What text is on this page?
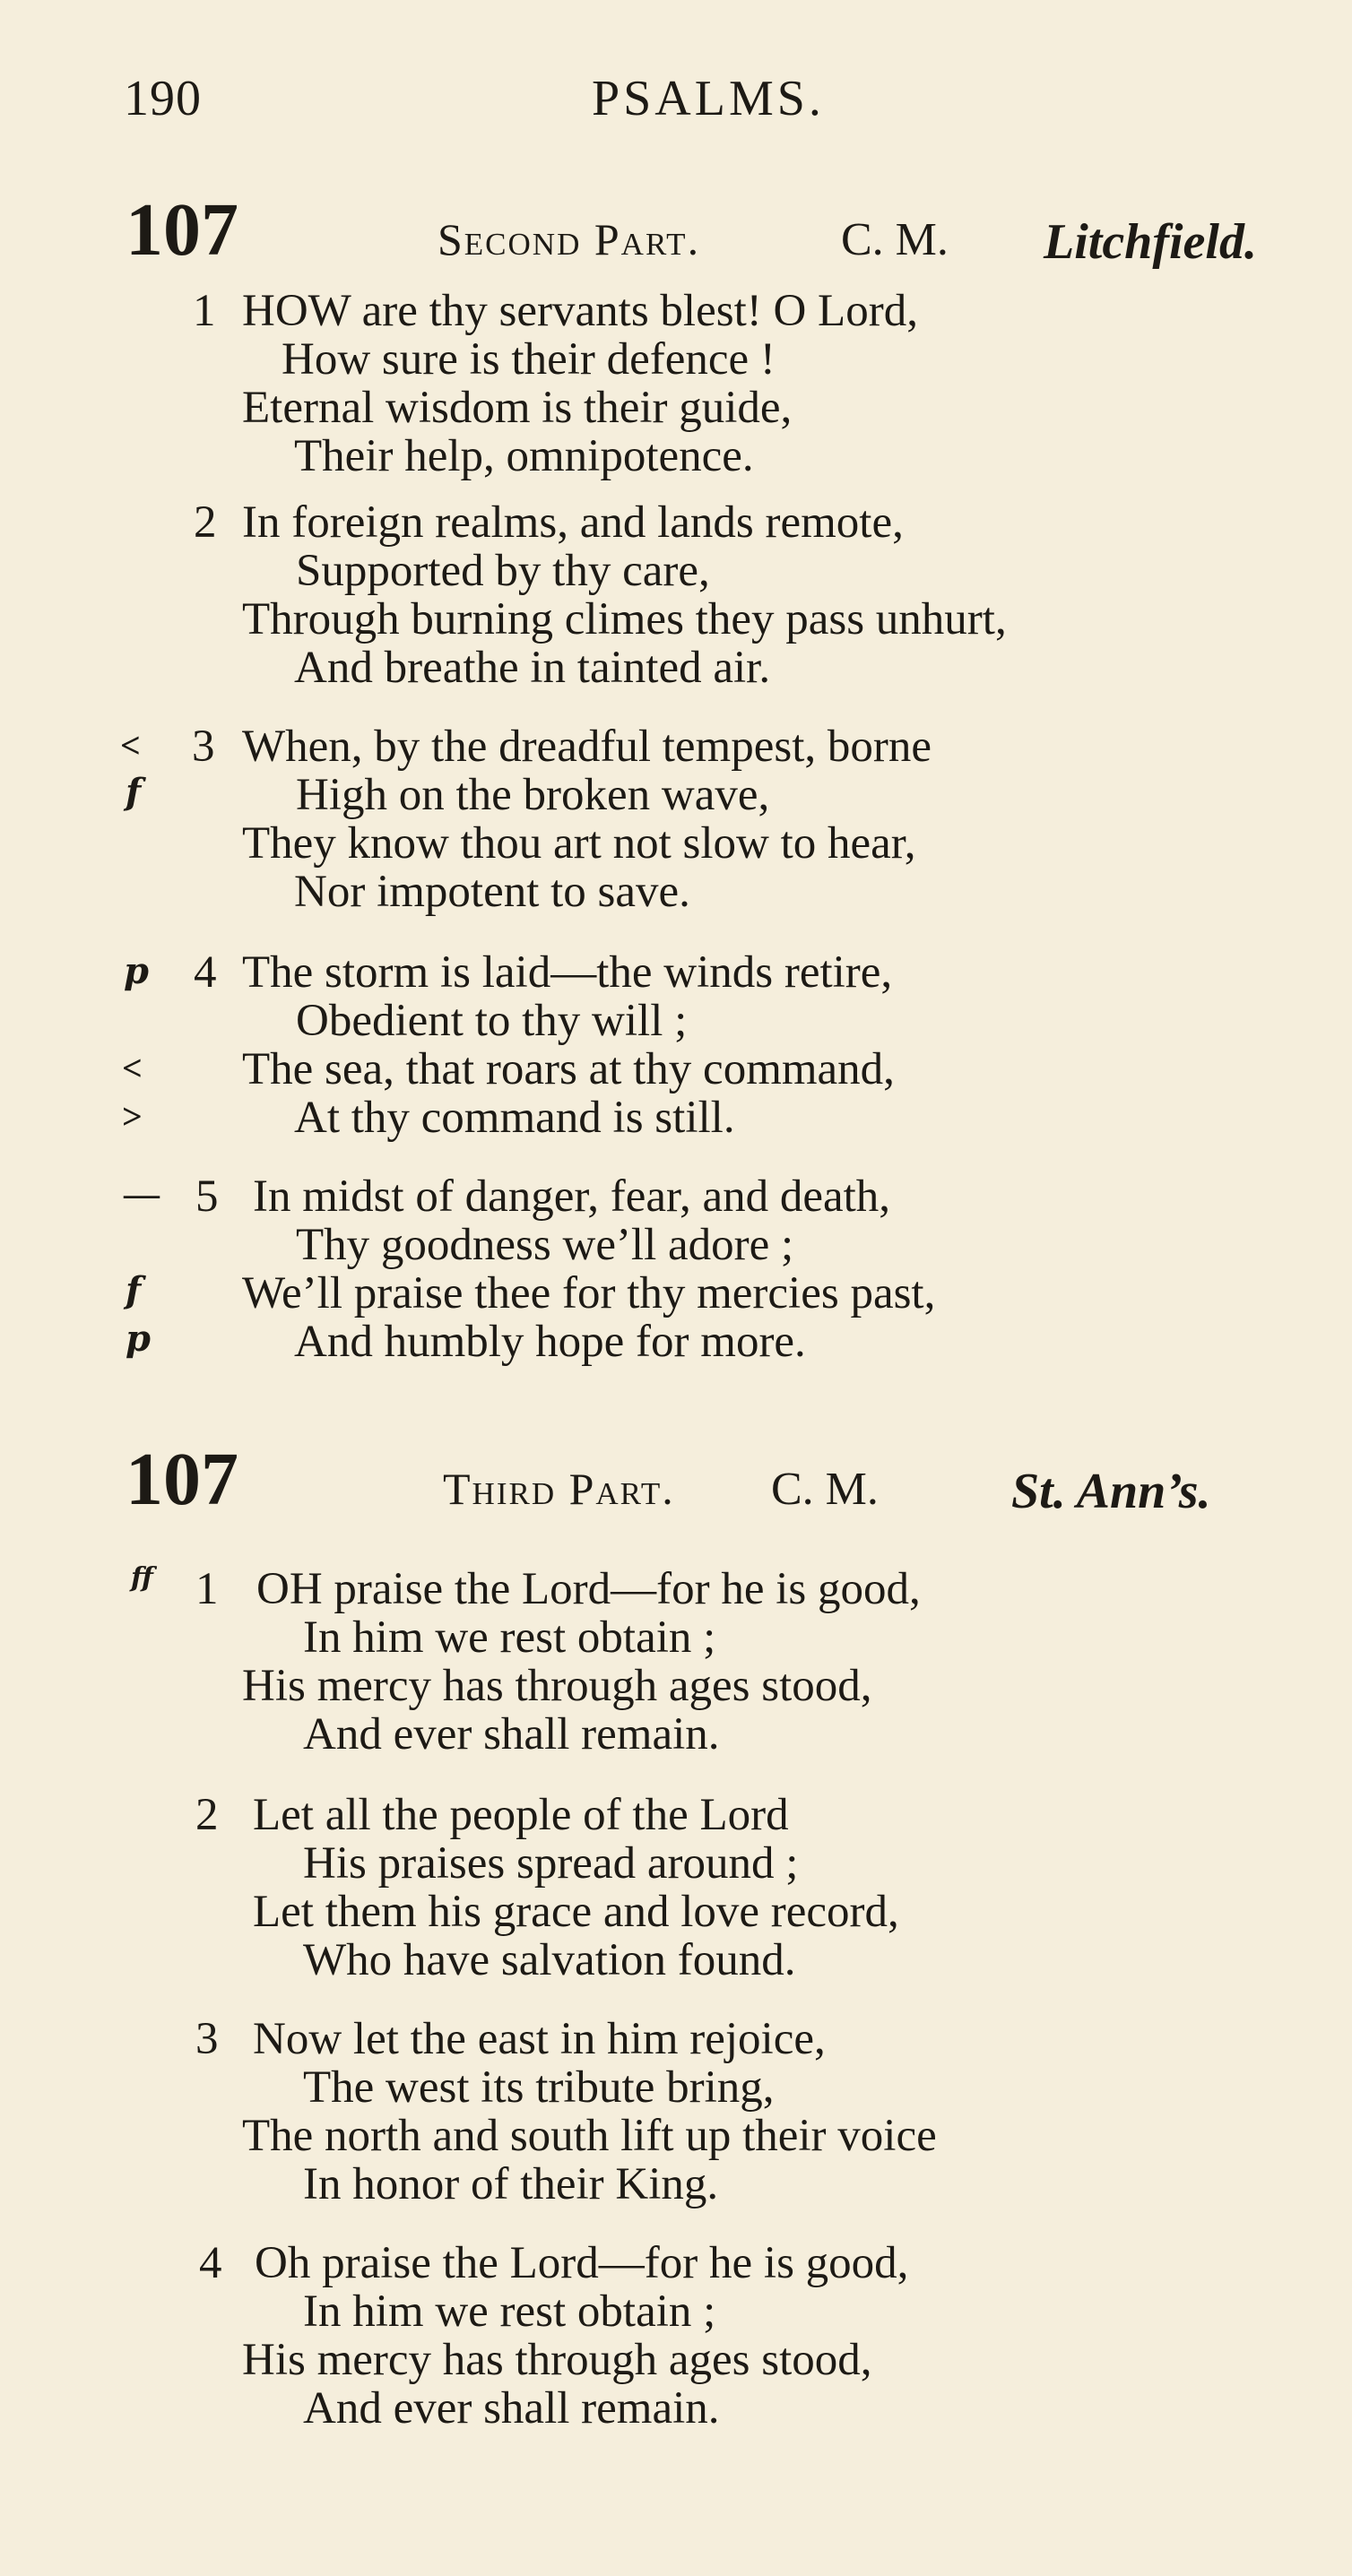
190	PSALMS.
107	Second Part.	C. M. Litchfield.
1 HOW are thy servants blest! O Lord,
How sure is their defence !
Eternal wisdom is their guide,
Their help, omnipotence.
2 In foreign realms, and lands remote,
Supported by thy care,
Through burning climes they pass unhurt,
And breathe in tainted air.
< 3 When, by the dreadful tempest, borne
f	High on the broken wave,
They know thou art not slow to hear,
Nor impotent to save.
p 4 The storm is laid—the winds retire,
Obedient to thy will ;
< The sea, that roars at thy command,
>	At thy command is still.
— 5 In midst of danger, fear, and death,
Thy goodness we’ll adore ;
f We’ll praise thee for thy mercies past,
p	And humbly hope for more.
107	Third Part. C. M.	St. Ann’s.
ff 1 OH praise the Lord—for he is good,
In him we rest obtain ;
His mercy has through ages stood,
And ever shall remain.
2 Let all the people of the Lord
His praises spread around ;
Let them his grace and love record,
Who have salvation found.
3 Now let the east in him rejoice,
The west its tribute bring,
The north and south lift up their voice
In honor of their King.
4 Oh praise the Lord—for he is good,
In him we rest obtain ;
His mercy has through ages stood,
And ever shall remain.
